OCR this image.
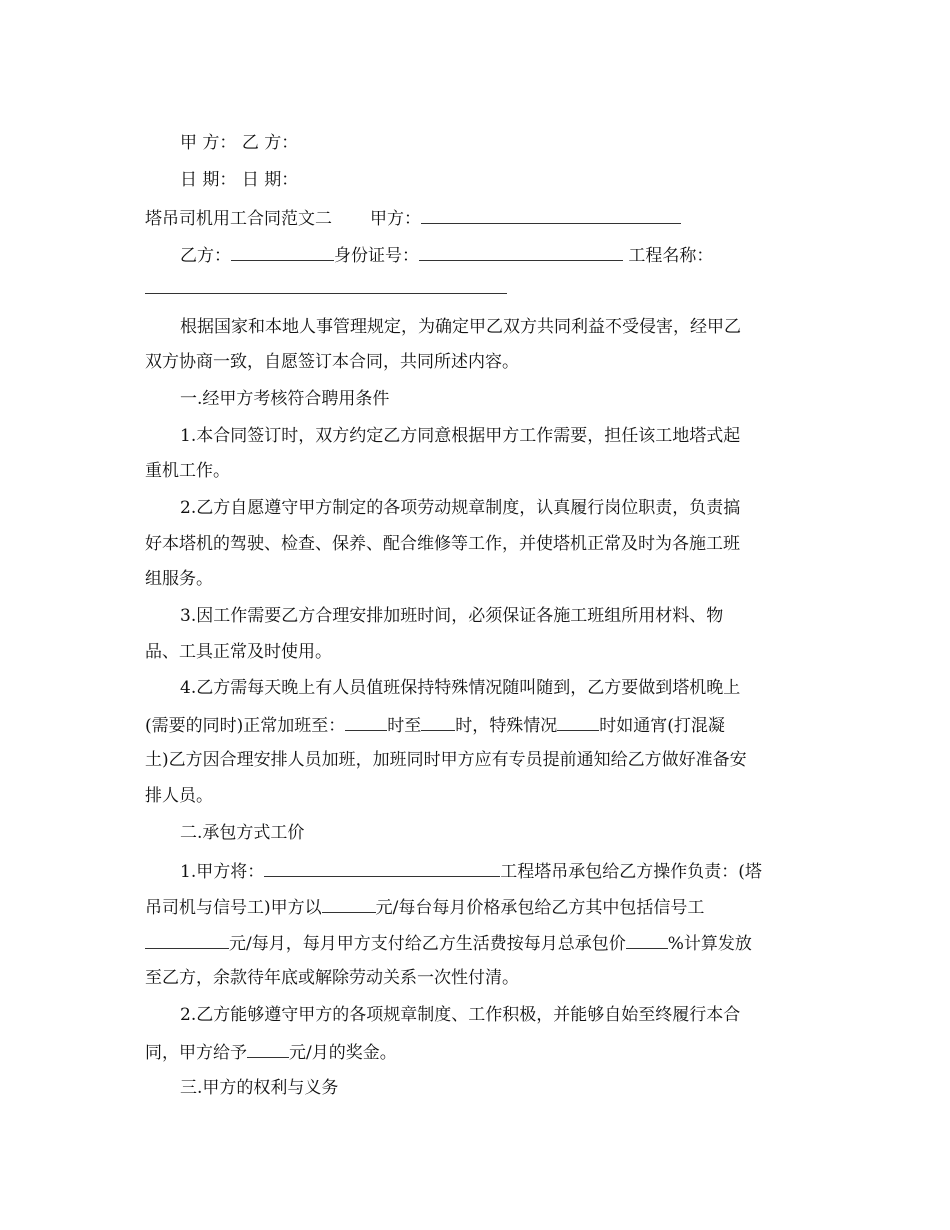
甲 方： 乙 方：
日 期： 日 期：
塔吊司机用工合同范文二 甲方：
乙方：	身份证号：	工程名称：
根据国家和本地人事管理规定，为确定甲乙双方共同利益不受侵害，经甲乙
双方协商一致，自愿签订本合同，共同所述内容。
一.经甲方考核符合聘用条件
1.本合同签订时，双方约定乙方同意根据甲方工作需要，担任该工地塔式起
重机工作。
2.乙方自愿遵守甲方制定的各项劳动规章制度，认真履行岗位职责，负责搞
好本塔机的驾驶、检查、保养、配合维修等工作，并使塔机正常及时为各施工班
组服务。
3.因工作需要乙方合理安排加班时间，必须保证各施工班组所用材料、物
品、工具正常及时使用。
4.乙方需每天晚上有人员值班保持特殊情况随叫随到，乙方要做到塔机晚上
(需要的同时)正常加班至： 时至 时，特殊情况 时如通宵(打混凝
土)乙方因合理安排人员加班，加班同时甲方应有专员提前通知给乙方做好准备安
排人员。
二.承包方式工价
1.甲方将：	工程塔吊承包给乙方操作负责：(塔
吊司机与信号工)甲方以	元/每台每月价格承包给乙方其中包括信号工
元/每月，每月甲方支付给乙方生活费按每月总承包价 %计算发放
至乙方，余款待年底或解除劳动关系一次性付清。
2.乙方能够遵守甲方的各项规章制度、工作积极，并能够自始至终履行本合
同，甲方给予 元/月的奖金。
三.甲方的权利与义务
